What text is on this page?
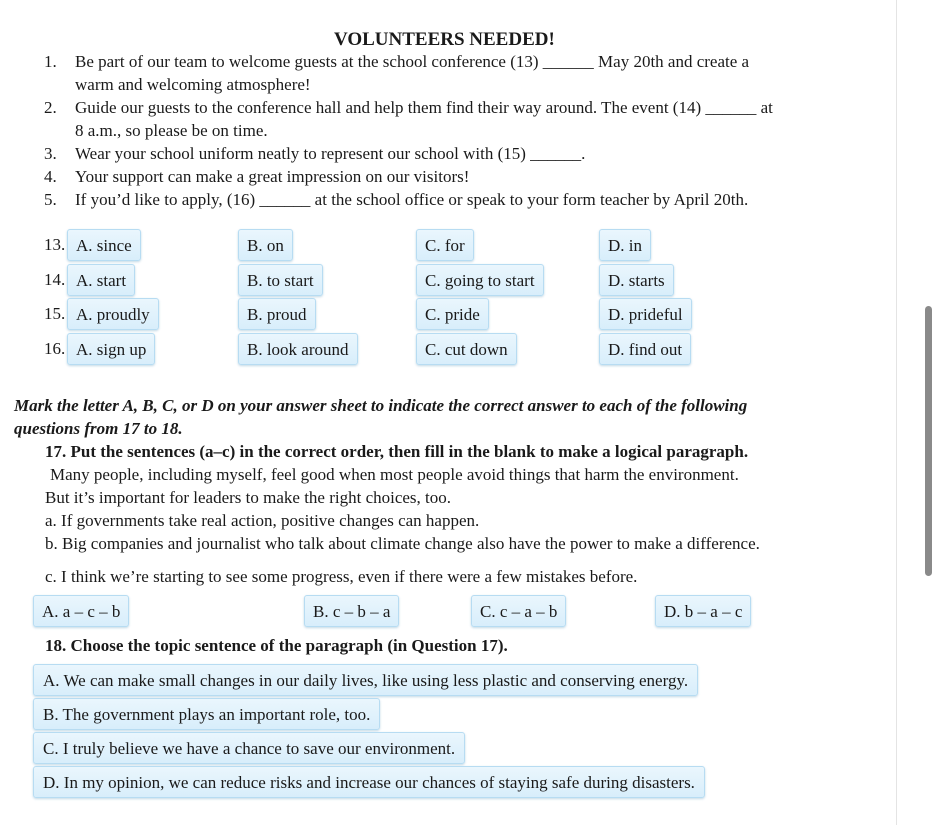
VOLUNTEERS NEEDED!
1. Be part of our team to welcome guests at the school conference (13) ______ May 20th and create a
warm and welcoming atmosphere!
2. Guide our guests to the conference hall and help them find their way around. The event (14) ______ at
8 a.m., so please be on time.
3. Wear your school uniform neatly to represent our school with (15) ______.
4. Your support can make a great impression on our visitors!
5. If you’d like to apply, (16) ______ at the school office or speak to your form teacher by April 20th.
13. A. since	B. on	C. for	D. in
14. A. start	B. to start	C. going to start	D. starts
15. A. proudly	B. proud	C. pride	D. prideful
16. A. sign up	B. look around	C. cut down	D. find out
Mark the letter A, B, C, or D on your answer sheet to indicate the correct answer to each of the following
questions from 17 to 18.
17. Put the sentences (a–c) in the correct order, then fill in the blank to make a logical paragraph.
Many people, including myself, feel good when most people avoid things that harm the environment.
But it’s important for leaders to make the right choices, too.
a. If governments take real action, positive changes can happen.
b. Big companies and journalist who talk about climate change also have the power to make a difference.
c. I think we’re starting to see some progress, even if there were a few mistakes before.
A. a – c – b	B. c – b – a	C. c – a – b	D. b – a – c
18. Choose the topic sentence of the paragraph (in Question 17).
A. We can make small changes in our daily lives, like using less plastic and conserving energy.
B. The government plays an important role, too.
C. I truly believe we have a chance to save our environment.
D. In my opinion, we can reduce risks and increase our chances of staying safe during disasters.
